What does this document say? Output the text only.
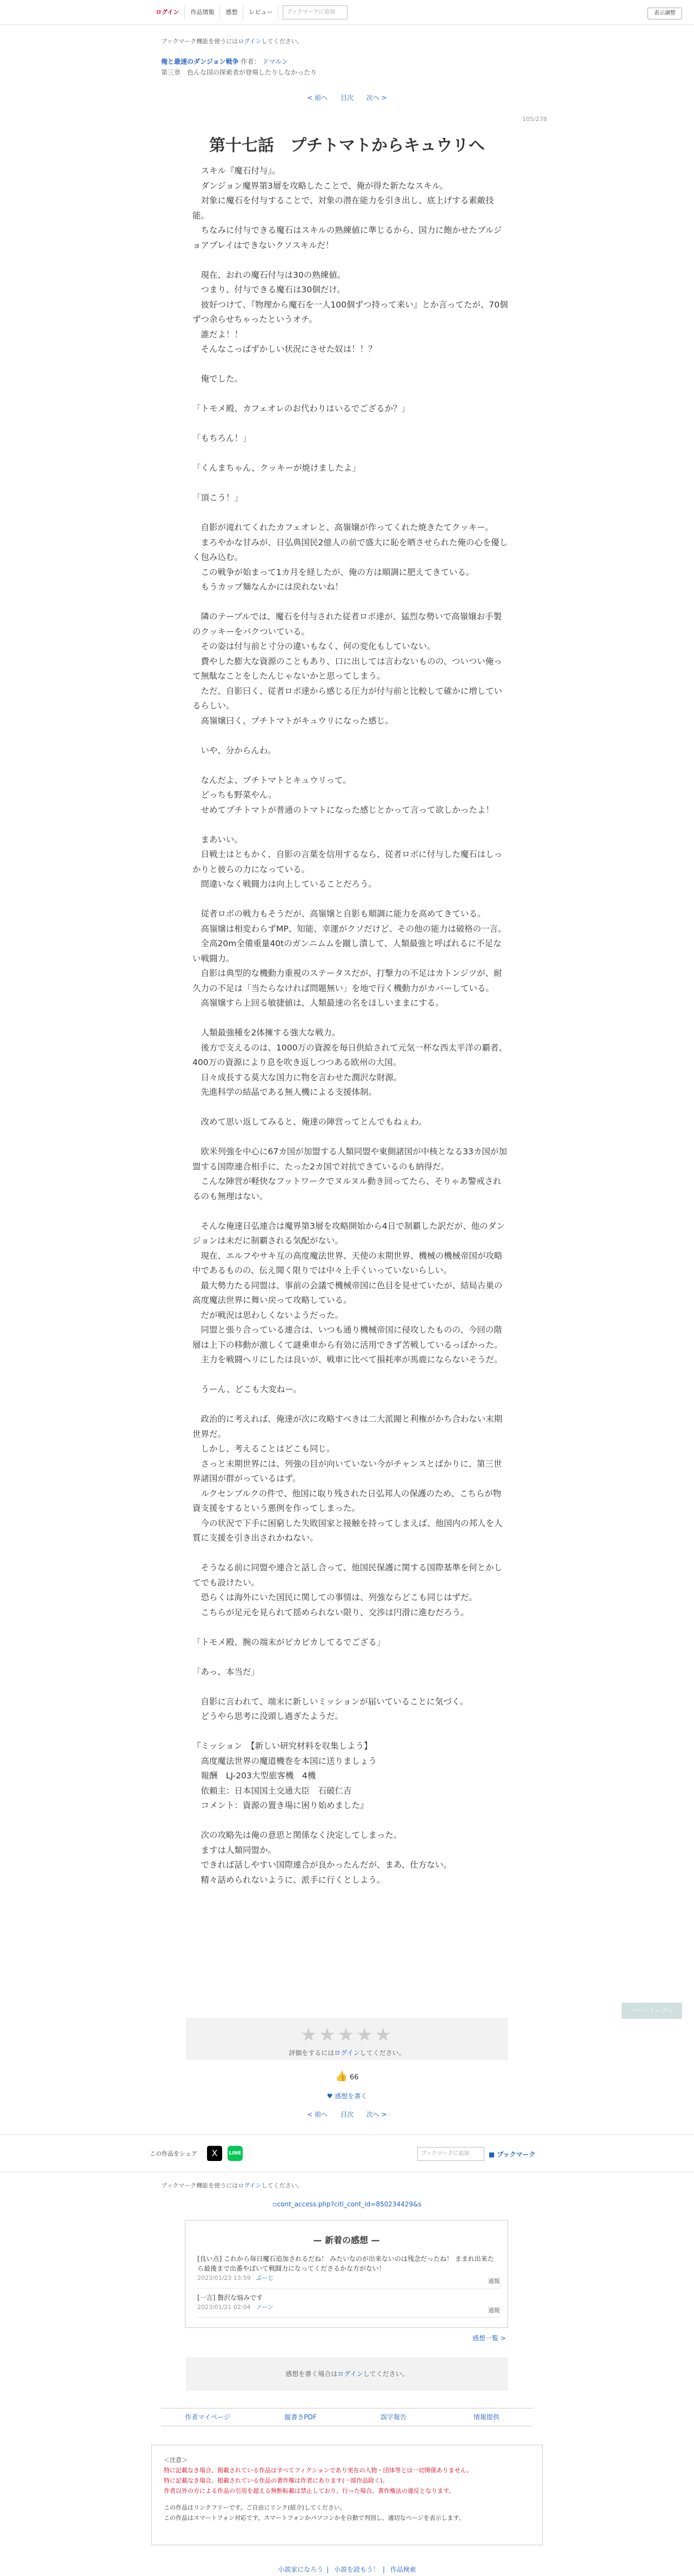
ログイン	作品情報	感想	レビュー	ブックマークに追加	表示調整
ブックマーク機能を使うにはログインしてください。
俺と最速のダンジョン戦争 作者： ドマルン
第三章　色んな国の探索者が登場したりしなかったり
< 前へ 目次 次へ >
105/278
第十七話　プチトマトからキュウリへ

　スキル『魔石付与』。

　ダンジョン魔界第3層を攻略したことで、俺が得た新たなスキル。

　対象に魔石を付与することで、対象の潜在能力を引き出し、底上げする素敵技能。

　ちなみに付与できる魔石はスキルの熟練値に準じるから、国力に飽かせたブルジョアプレイはできないクソスキルだ！

　現在、おれの魔石付与は30の熟練値。

　つまり、付与できる魔石は30個だけ。

　彼好つけて、『物理から魔石を一人100個ずつ持って来い』とか言ってたが、70個ずつ余らせちゃったというオチ。

　誰だよ！！

　そんなこっぱずかしい状況にさせた奴は！！？

　俺でした。

「トモメ殿、カフェオレのお代わりはいるでござるか？」

「もちろん！」

「くんまちゃん、クッキーが焼けましたよ」

「頂こう！」

　自影が滝れてくれたカフェオレと、高嶺嬢が作ってくれた焼きたてクッキー。

　まろやかな甘みが、日弘典国民2億人の前で盛大に恥を晒させられた俺の心を優しく包み込む。

　この戦争が始まって1カ月を経したが、俺の方は順調に肥えてきている。

　もうカップ麺なんかには戻れないね！

　隣のテーブルでは、魔石を付与された従者ロボ達が、猛烈な勢いで高嶺嬢お手製のクッキーをパクついている。

　その姿は付与前と寸分の違いもなく、何の変化もしていない。

　費やした膨大な資源のこともあり、口に出しては言わないものの、ついつい俺って無駄なことをしたんじゃないかと思ってしまう。

　ただ、自影曰く、従者ロボ達から感じる圧力が付与前と比較して確かに増しているらしい。

　高嶺嬢曰く、プチトマトがキュウリになった感じ。

　いや、分からんわ。

　なんだよ、プチトマトとキュウリって。

　どっちも野菜やん。

　せめてプチトマトが普通のトマトになった感じとかって言って欲しかったよ！

　まあいい。

　日戦士はともかく、自影の言葉を信用するなら、従者ロボに付与した魔石はしっかりと彼らの力になっている。

　間違いなく戦闘力は向上していることだろう。

　従者ロボの戦力もそうだが、高嶺嬢と自影も順調に能力を高めてきている。

　高嶺嬢は相変わらずMP、知能、幸運がクソだけど、その他の能力は破格の一言。

　全高20m全備重量40tのガンニムムを蹴し潰して、人類最強と呼ばれるに不足ない戦闘力。

　自影は典型的な機動力重視のステータスだが、打撃力の不足はカトンジツが、耐久力の不足は「当たらなければ問題無い」を地で行く機動力がカバーしている。

　高嶺嬢すら上回る敏捷値は、人類最速の名をほしいままにする。

　人類最強種を2体擁する強大な戦力。

　後方で支えるのは、1000万の資源を毎日供給されて元気一杯な西太平洋の覇者、400万の資源により息を吹き返しつつある欧州の大国。

　日々成長する莫大な国力に物を言わせた潤沢な財源。

　先進科学の結晶である無人機による支援体制。

　改めて思い返してみると、俺達の陣営ってとんでもねぇわ。

　欧米列強を中心に67カ国が加盟する人類同盟や東側諸国が中核となる33カ国が加盟する国際連合相手に、たった2カ国で対抗できているのも納得だ。

　こんな陣営が軽快なフットワークでヌルヌル動き回ってたら、そりゃあ警戒されるのも無理はない。

　そんな俺達日弘連合は魔界第3層を攻略開始から4日で制覇した訳だが、他のダンジョンは未だに制覇される気配がない。

　現在、エルフやサキ互の高度魔法世界、天使の末期世界、機械の機械帝国が攻略中であるものの、伝え聞く限りでは中々上手くいっていないらしい。

　最大勢力たる同盟は、事前の会議で機械帝国に色目を見せていたが、結局古巣の高度魔法世界に舞い戻って攻略している。

　だが戦況は思わしくないようだった。

　同盟と張り合っている連合は、いつも通り機械帝国に侵攻したものの、今回の階層は上下の移動が激しくて謎乗車から有効に活用できず苦戦しているっぽかった。

　主力を戦闘ヘリにしたは良いが、戦車に比べて損耗率が馬鹿にならないそうだ。

　うーん、どこも大変ねー。

　政治的に考えれば、俺達が次に攻略すべきは二大派閥と利権がかち合わない末期世界だ。

　しかし、考えることはどこも同じ。

　さっと末期世界には、列強の目が向いていない今がチャンスとばかりに、第三世界諸国が群がっているはず。

　ルクセンブルクの件で、他国に取り残された日弘邦人の保護のため、こちらが物資支援をするという悪例を作ってしまった。

　今の状況で下手に困窮した失敗国家と接触を持ってしまえば、他国内の邦人を人質に支援を引き出されかねない。

　そうなる前に同盟や連合と話し合って、他国民保護に関する国際基準を何とかしてでも設けたい。

　恐らくは海外にいた国民に関しての事情は、列強ならどこも同じはずだ。

　こちらが足元を見られて揺められない限り、交渉は円滑に進むだろう。

「トモメ殿、腕の端末がピカピカしてるでござる」

「あっ、本当だ」

　自影に言われて、端末に新しいミッションが届いていることに気づく。

　どうやら思考に没頭し過ぎたようだ。

『ミッション　【新しい研究材料を収集しよう】

　高度魔法世界の魔道機巻を本国に送りましょう

　報酬　LJ-203大型旅客機　4機

　依頼主：日本国国土交通大臣　石破仁吉

　コメント：資源の置き場に困り始めました』

　次の攻略先は俺の意思と関係なく決定してしまった。

　ますは人類同盟か。

　できれば話しやすい国際連合が良かったんだが、まあ、仕方ない。

　精々話められないように、派手に行くとしよう。

ページトップへ
★★★★★
評価をするにはログインしてください。
👍 66
♥ 感想を書く
< 前へ 目次 次へ >
この作品をシェア	X	LINE	ブックマークに追加	■ ブックマーク
ブックマーク機能を使うにはログインしてください。
▫cont_access.php?citi_cont_id=850234429&s
— 新着の感想 —
[良い点] これから毎日魔石追加されるだね！ みたいなのが出来ないのは残念だったね！ ままれ出来たら最後まで出番やばいて戦闘力になってくださるかな方がない！
2023/01/23 13:59 ぷーじ	通報
[一言] 贅沢な悩みです
2023/01/21 02:04 ノーン	通報
感想一覧 >
感想を書く場合はログインしてください。
作者マイページ	縦書きPDF	誤字報告	情報提供
＜注意＞
特に記載なき場合、掲載されている作品はすべてフィクションであり実在の人物・団体等とは一切関係ありません。
特に記載なき場合、掲載されている作品の著作権は作者にあります(一部作品除く)。
作者以外の方による作品の引用を超える無断転載は禁止しており、行った場合、著作権法の違反となります。
この作品はリンクフリーです。ご自由にリンク(紹介)してください。
この作品はスマートフォン対応です。スマートフォンかパソコンかを自動で判別し、適切なページを表示します。
小説家になろう | 小説を読もう！ | 作品検索
